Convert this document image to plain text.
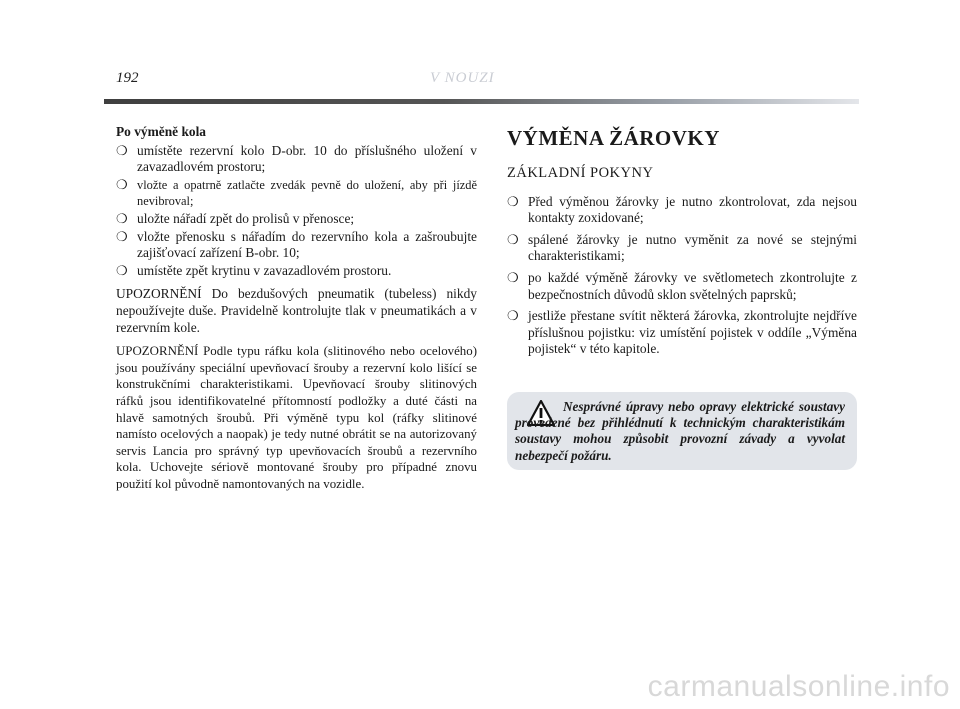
192	V NOUZI
Po výměně kola
❍ umístěte rezervní kolo D-obr. 10 do příslušného uložení v zavazadlovém prostoru;
❍ vložte a opatrně zatlačte zvedák pevně do uložení, aby při jízdě nevibroval;
❍ uložte nářadí zpět do prolisů v přenosce;
❍ vložte přenosku s nářadím do rezervního kola a zašroubujte zajišťovací zařízení B-obr. 10;
❍ umístěte zpět krytinu v zavazadlovém prostoru.

UPOZORNĚNÍ Do bezdušových pneumatik (tubeless) nikdy nepoužívejte duše. Pravidelně kontrolujte tlak v pneumatikách a v rezervním kole.

UPOZORNĚNÍ Podle typu ráfku kola (slitinového nebo ocelového) jsou používány speciální upevňovací šrouby a rezervní kolo lišící se konstrukčními charakteristikami. Upevňovací šrouby slitinových ráfků jsou identifikovatelné přítomností podložky a duté části na hlavě samotných šroubů. Při výměně typu kol (ráfky slitinové namísto ocelových a naopak) je tedy nutné obrátit se na autorizovaný servis Lancia pro správný typ upevňovacích šroubů a rezervního kola. Uchovejte sériově montované šrouby pro případné znovu použití kol původně namontovaných na vozidle.

VÝMĚNA ŽÁROVKY
ZÁKLADNÍ POKYNY
❍ Před výměnou žárovky je nutno zkontrolovat, zda nejsou kontakty zoxidované;
❍ spálené žárovky je nutno vyměnit za nové se stejnými charakteristikami;
❍ po každé výměně žárovky ve světlometech zkontrolujte z bezpečnostních důvodů sklon světelných paprsků;
❍ jestliže přestane svítit některá žárovka, zkontrolujte nejdříve příslušnou pojistku: viz umístění pojistek v oddíle „Výměna pojistek“ v této kapitole.
Nesprávné úpravy nebo opravy elektrické soustavy provedené bez přihlédnutí k technickým charakteristikám soustavy mohou způsobit provozní závady a vyvolat nebezpečí požáru.
carmanualsonline.info
